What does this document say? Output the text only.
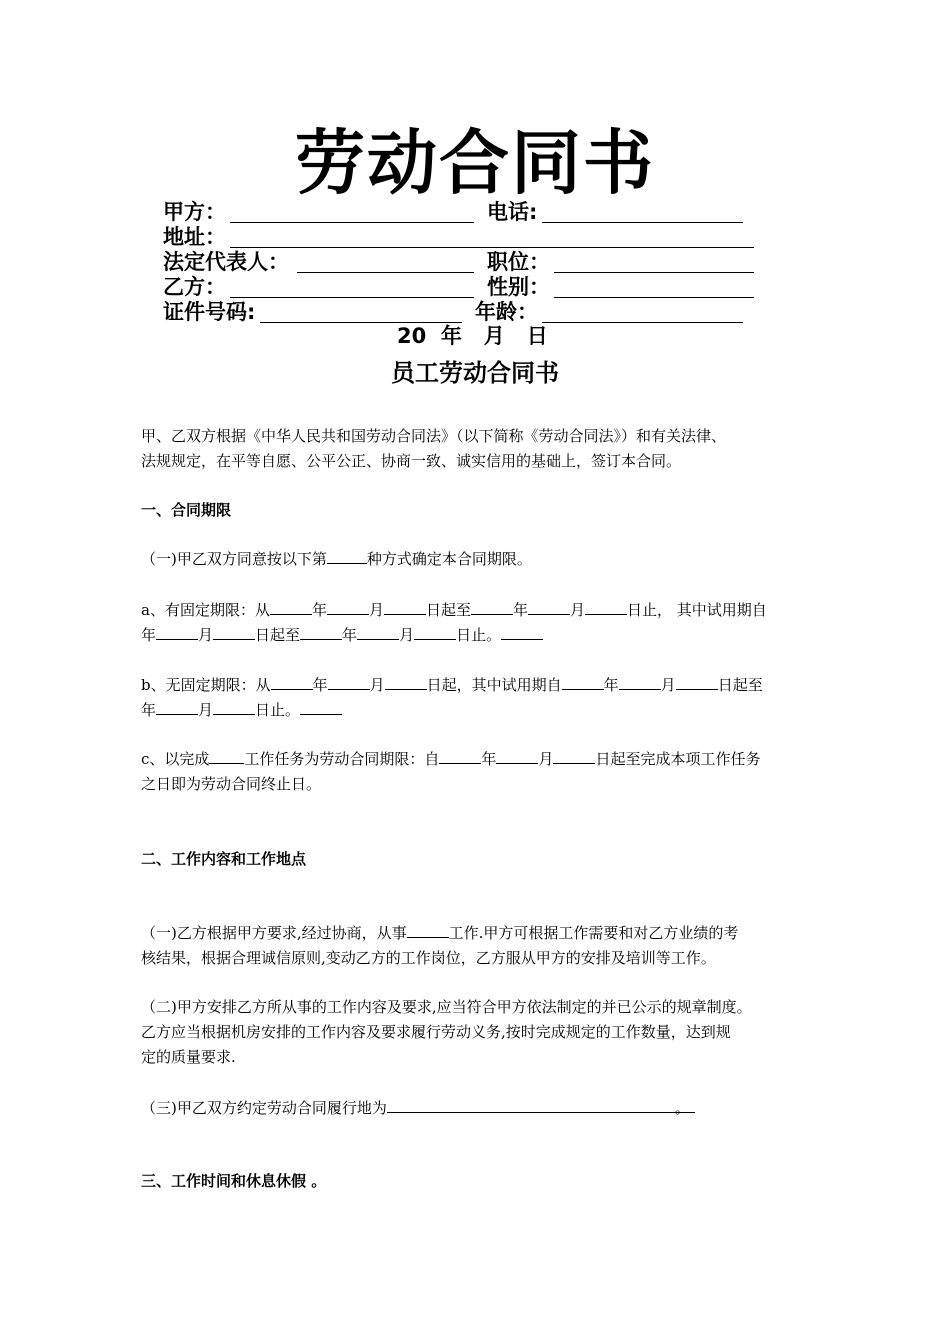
劳动合同书
甲方：	电话:
地址：
法定代表人：	职位：
乙方：	性别：
证件号码:	年龄：
20  年   月   日
员工劳动合同书
甲、乙双方根据《中华人民共和国劳动合同法》（以下简称《劳动合同法》）和有关法律、
法规规定，在平等自愿、公平公正、协商一致、诚实信用的基础上，签订本合同。
一、合同期限
（一)甲乙双方同意按以下第	种方式确定本合同期限。
a、有固定期限：从	年	月	日起至	年	月	日止， 其中试用期自
年	月	日起至	年	月	日止。
b、无固定期限：从	年	月	日起，其中试用期自	年	月	日起至
年	月	日止。
c、以完成 工作任务为劳动合同期限：自	年	月	日起至完成本项工作任务
之日即为劳动合同终止日。
二、工作内容和工作地点
（一)乙方根据甲方要求,经过协商，从事	工作.甲方可根据工作需要和对乙方业绩的考
核结果，根据合理诚信原则,变动乙方的工作岗位，乙方服从甲方的安排及培训等工作。
（二)甲方安排乙方所从事的工作内容及要求,应当符合甲方依法制定的并已公示的规章制度。
乙方应当根据机房安排的工作内容及要求履行劳动义务,按时完成规定的工作数量，达到规
定的质量要求.
（三)甲乙双方约定劳动合同履行地为	。
三、工作时间和休息休假 。
